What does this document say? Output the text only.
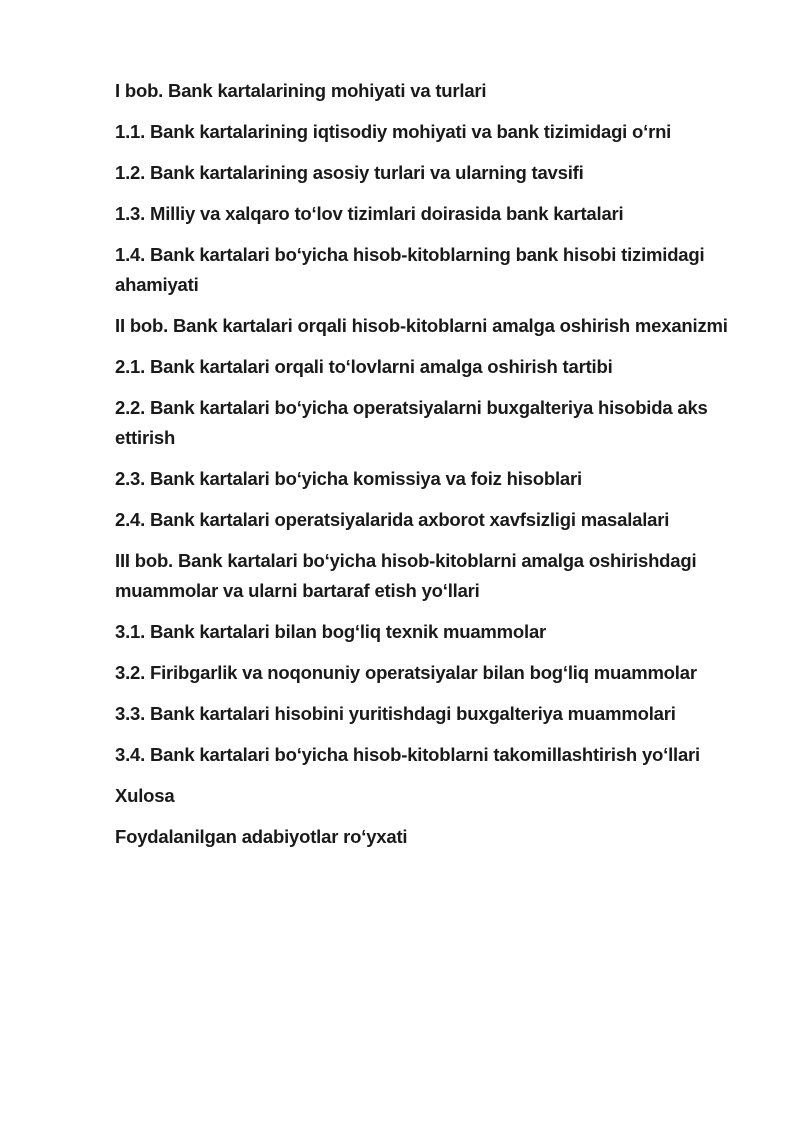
I bob. Bank kartalarining mohiyati va turlari
1.1. Bank kartalarining iqtisodiy mohiyati va bank tizimidagi o‘rni
1.2. Bank kartalarining asosiy turlari va ularning tavsifi
1.3. Milliy va xalqaro to‘lov tizimlari doirasida bank kartalari
1.4. Bank kartalari bo‘yicha hisob-kitoblarning bank hisobi tizimidagi ahamiyati
II bob. Bank kartalari orqali hisob-kitoblarni amalga oshirish mexanizmi
2.1. Bank kartalari orqali to‘lovlarni amalga oshirish tartibi
2.2. Bank kartalari bo‘yicha operatsiyalarni buxgalteriya hisobida aks ettirish
2.3. Bank kartalari bo‘yicha komissiya va foiz hisoblari
2.4. Bank kartalari operatsiyalarida axborot xavfsizligi masalalari
III bob. Bank kartalari bo‘yicha hisob-kitoblarni amalga oshirishdagi muammolar va ularni bartaraf etish yo‘llari
3.1. Bank kartalari bilan bog‘liq texnik muammolar
3.2. Firibgarlik va noqonuniy operatsiyalar bilan bog‘liq muammolar
3.3. Bank kartalari hisobini yuritishdagi buxgalteriya muammolari
3.4. Bank kartalari bo‘yicha hisob-kitoblarni takomillashtirish yo‘llari
Xulosa
Foydalanilgan adabiyotlar ro‘yxati
